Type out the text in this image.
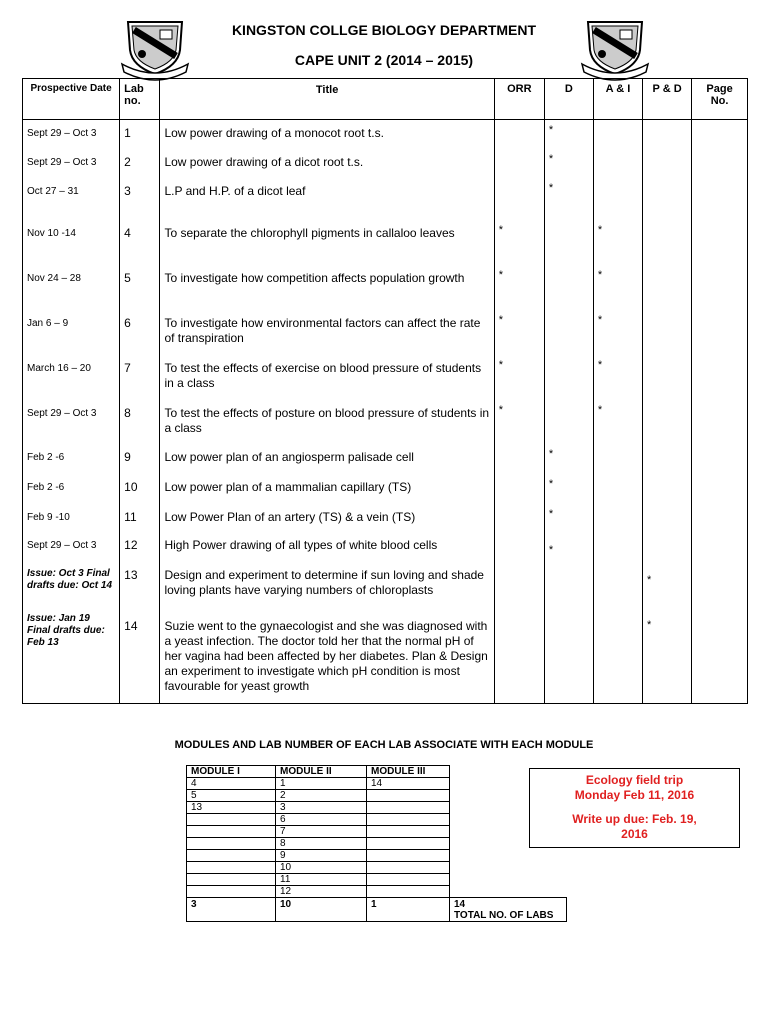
KINGSTON COLLGE BIOLOGY DEPARTMENT
CAPE UNIT 2 (2014 – 2015)
Prospective Date	Lab no.	Title	ORR	D	A & I	P & D	Page No.
Sept 29 – Oct 3	1	Low power drawing of a monocot root t.s.		*			
Sept 29 – Oct 3	2	Low power drawing of a dicot root t.s.		*			
Oct 27 – 31	3	L.P and H.P. of a dicot leaf		*			
Nov 10 -14	4	To separate the chlorophyll pigments in callaloo leaves	*		*		
Nov 24 – 28	5	To investigate how competition affects population growth	*		*		
Jan 6 – 9	6	To investigate how environmental factors can affect the rate of transpiration	*		*		
March 16 – 20	7	To test the effects of exercise on blood pressure of students in a class	*		*		
Sept 29 – Oct 3	8	To test the effects of posture on blood pressure of students in a class	*		*		
Feb 2 -6	9	Low power plan of an angiosperm palisade cell		*			
Feb 2 -6	10	Low power plan of a mammalian capillary (TS)		*			
Feb 9 -10	11	Low Power Plan of an artery (TS) & a vein (TS)		*			
Sept 29 – Oct 3	12	High Power drawing of all types of white blood cells		*			
Issue: Oct 3 Final drafts due: Oct 14	13	Design and experiment to determine if sun loving and shade loving plants have varying numbers of chloroplasts				*	
Issue: Jan 19 Final drafts due: Feb 13	14	Suzie went to the gynaecologist and she was diagnosed with a yeast infection. The doctor told her that the normal pH of her vagina had been affected by her diabetes. Plan & Design an experiment to investigate which pH condition is most favourable for yeast growth				*	
MODULES AND LAB NUMBER OF EACH LAB ASSOCIATE WITH EACH MODULE
MODULE I	MODULE II	MODULE III	
4	1	14	
5	2		
13	3		
	6		
	7		
	8		
	9		
	10		
	11		
	12		
3	10	1	14
TOTAL NO. OF LABS
Ecology field trip
Monday Feb 11, 2016
Write up due: Feb. 19,
2016
